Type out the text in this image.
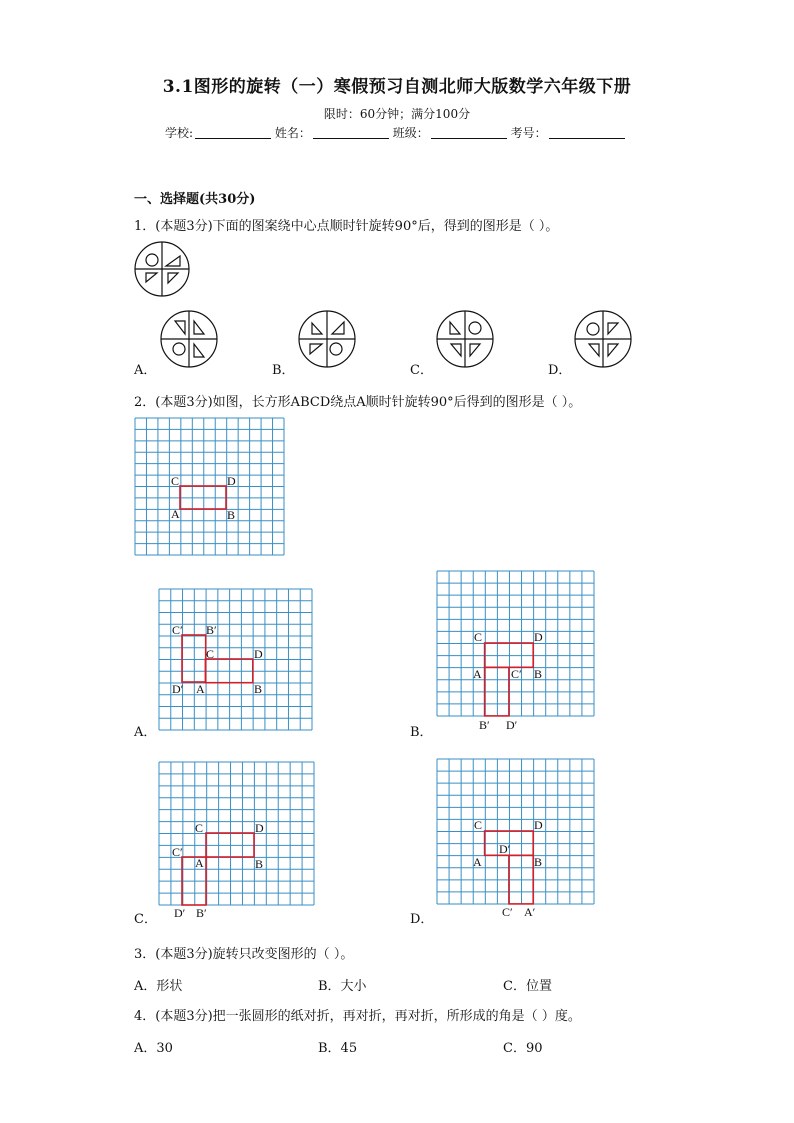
3.1图形的旋转（一）寒假预习自测北师大版数学六年级下册
限时：60分钟；满分100分
学校:	姓名：	班级：	考号：
一、选择题(共30分)
1．(本题3分)下面的图案绕中心点顺时针旋转90°后，得到的图形是（ ）。
A．	B．	C．	D．
2．(本题3分)如图，长方形ABCD绕点A顺时针旋转90°后得到的图形是（ ）。
C	D
A	B
A．
C′ B′
C	D
D′ A	B
B．
C	D
A C′ B
B′ D′
C．
C	D
C′
A	B
D′ B′	D．
C	D
D′
A	B
C′ A′
3．(本题3分)旋转只改变图形的（ ）。
A．形状	B．大小	C．位置
4．(本题3分)把一张圆形的纸对折，再对折，再对折，所形成的角是（ ）度。
A．30	B．45	C．90
